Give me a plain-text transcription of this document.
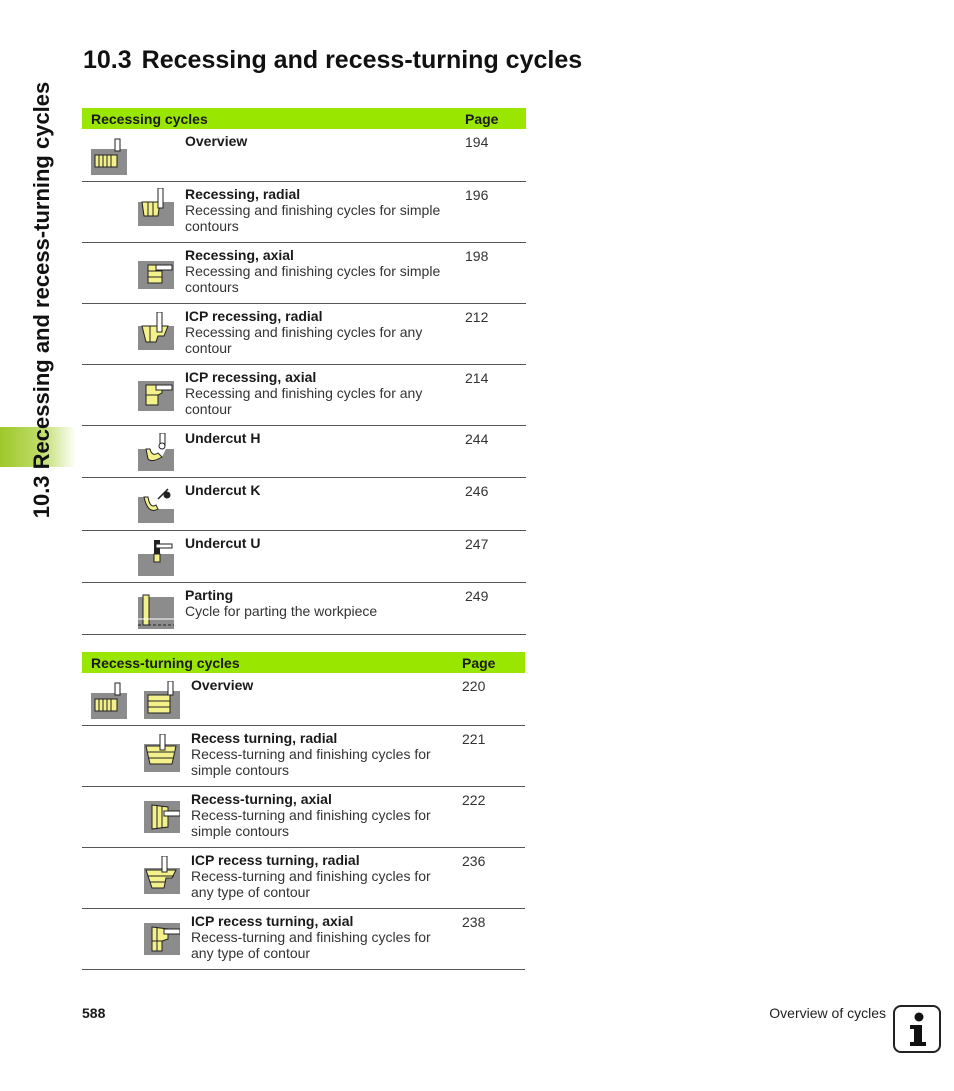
10.3 Recessing and recess-turning cycles
10.3 Recessing and recess-turning cycles
Recessing cycles		Page

Overview	194

Recessing, radial
Recessing and finishing cycles for simple contours	196

Recessing, axial
Recessing and finishing cycles for simple contours	198

ICP recessing, radial
Recessing and finishing cycles for any contour	212

ICP recessing, axial
Recessing and finishing cycles for any contour	214

Undercut H	244

Undercut K	246

Undercut U	247

Parting
Cycle for parting the workpiece	249
Recess-turning cycles		Page

Overview	220

Recess turning, radial
Recess-turning and finishing cycles for simple contours	221

Recess-turning, axial
Recess-turning and finishing cycles for simple contours	222

ICP recess turning, radial
Recess-turning and finishing cycles for any type of contour	236

ICP recess turning, axial
Recess-turning and finishing cycles for any type of contour	238
588	Overview of cycles
